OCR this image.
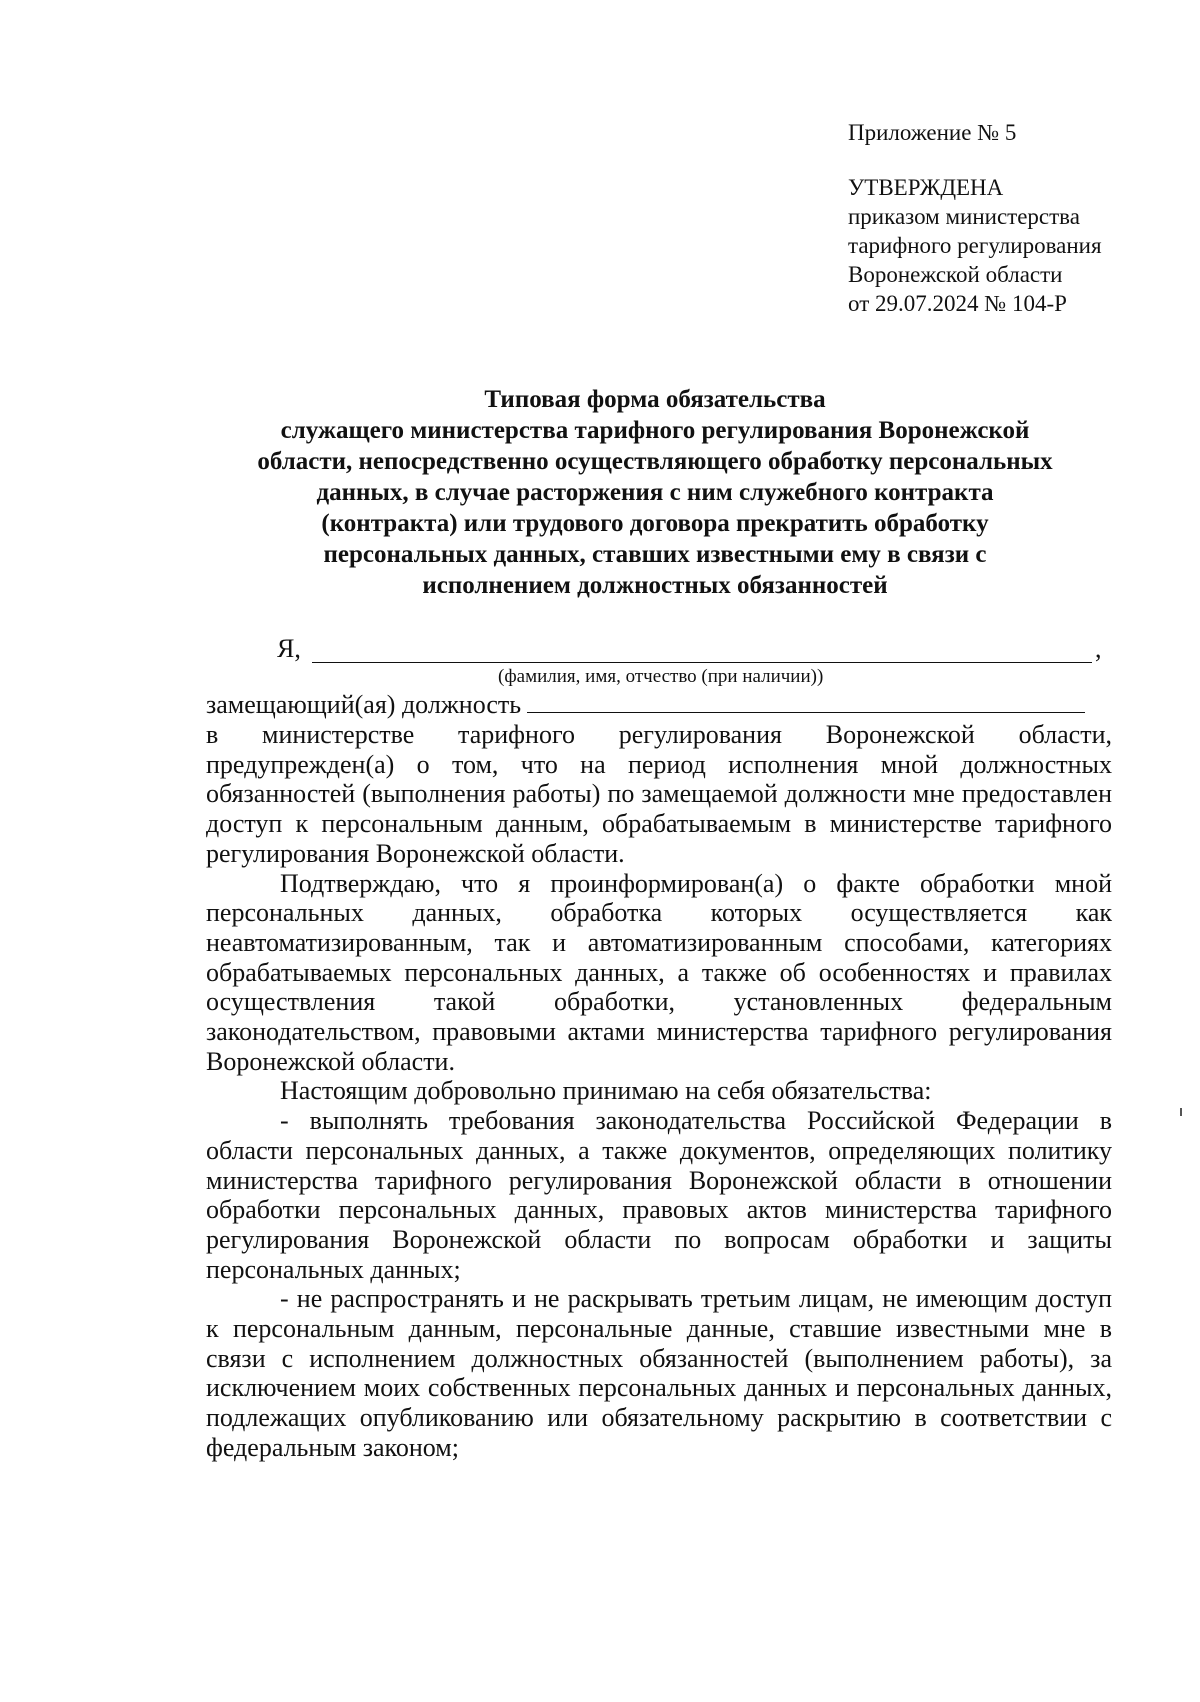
Приложение № 5

УТВЕРЖДЕНА

приказом министерства

тарифного регулирования

Воронежской области

от 29.07.2024 № 104-Р

Типовая форма обязательства
служащего министерства тарифного регулирования Воронежской
области, непосредственно осуществляющего обработку персональных
данных, в случае расторжения с ним служебного контракта
(контракта) или трудового договора прекратить обработку
персональных данных, ставших известными ему в связи с
исполнением должностных обязанностей
Я,	,
(фамилия, имя, отчество (при наличии))
замещающий(ая) должность

в министерстве тарифного регулирования Воронежской области, предупрежден(а) о том, что на период исполнения мной должностных обязанностей (выполнения работы) по замещаемой должности мне предоставлен доступ к персональным данным, обрабатываемым в министерстве тарифного регулирования Воронежской области.

Подтверждаю, что я проинформирован(а) о факте обработки мной персональных данных, обработка которых осуществляется как неавтоматизированным, так и автоматизированным способами, категориях обрабатываемых персональных данных, а также об особенностях и правилах осуществления такой обработки, установленных федеральным законодательством, правовыми актами министерства тарифного регулирования Воронежской области.

Настоящим добровольно принимаю на себя обязательства:

- выполнять требования законодательства Российской Федерации в области персональных данных, а также документов, определяющих политику министерства тарифного регулирования Воронежской области в отношении обработки персональных данных, правовых актов министерства тарифного регулирования Воронежской области по вопросам обработки и защиты персональных данных;

- не распространять и не раскрывать третьим лицам, не имеющим доступ к персональным данным, персональные данные, ставшие известными мне в связи с исполнением должностных обязанностей (выполнением работы), за исключением моих собственных персональных данных и персональных данных, подлежащих опубликованию или обязательному раскрытию в соответствии с федеральным законом;
